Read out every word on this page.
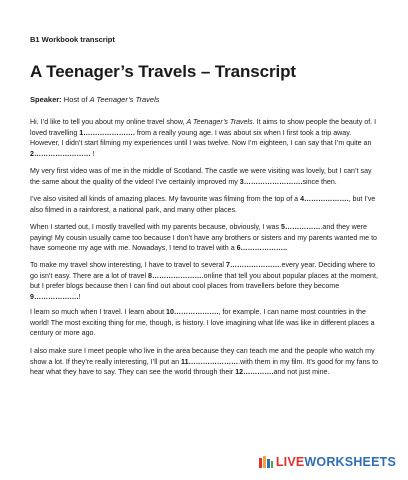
B1 Workbook transcript
A Teenager’s Travels – Transcript
Speaker: Host of A Teenager’s Travels
Hi. I’d like to tell you about my online travel show, A Teenager’s Travels. It aims to show people the beauty of. I loved travelling 1…………………. from a really young age. I was about six when I first took a trip away. However, I didn’t start filming my experiences until I was twelve. Now I’m eighteen, I can say that I’m quite an 2…………………… !
My very first video was of me in the middle of Scotland. The castle we were visiting was lovely, but I can’t say the same about the quality of the video! I’ve certainly improved my 3…………………….since then.
I’ve also visited all kinds of amazing places. My favourite was filming from the top of a 4………………., but I’ve also filmed in a rainforest, a national park, and many other places.
When I started out, I mostly travelled with my parents because, obviously, I was 5…………….and they were paying! My cousin usually came too because I don’t have any brothers or sisters and my parents wanted me to have someone my age with me. Nowadays, I tend to travel with a 6………………..
To make my travel show interesting, I have to travel to several 7………………….every year. Deciding where to go isn’t easy. There are a lot of travel 8………………….online that tell you about popular places at the moment, but I prefer blogs because then I can find out about cool places from travellers before they become 9……………….!
I learn so much when I travel. I learn about 10………………., for example. I can name most countries in the world! The most exciting thing for me, though, is history. I love imagining what life was like in different places a century or more ago.
I also make sure I meet people who live in the area because they can teach me and the people who watch my show a lot. If they’re really interesting, I’ll put an 11………………….with them in my film. It’s good for my fans to hear what they have to say. They can see the world through their 12………….and not just mine.
LIVEWORKSHEETS
